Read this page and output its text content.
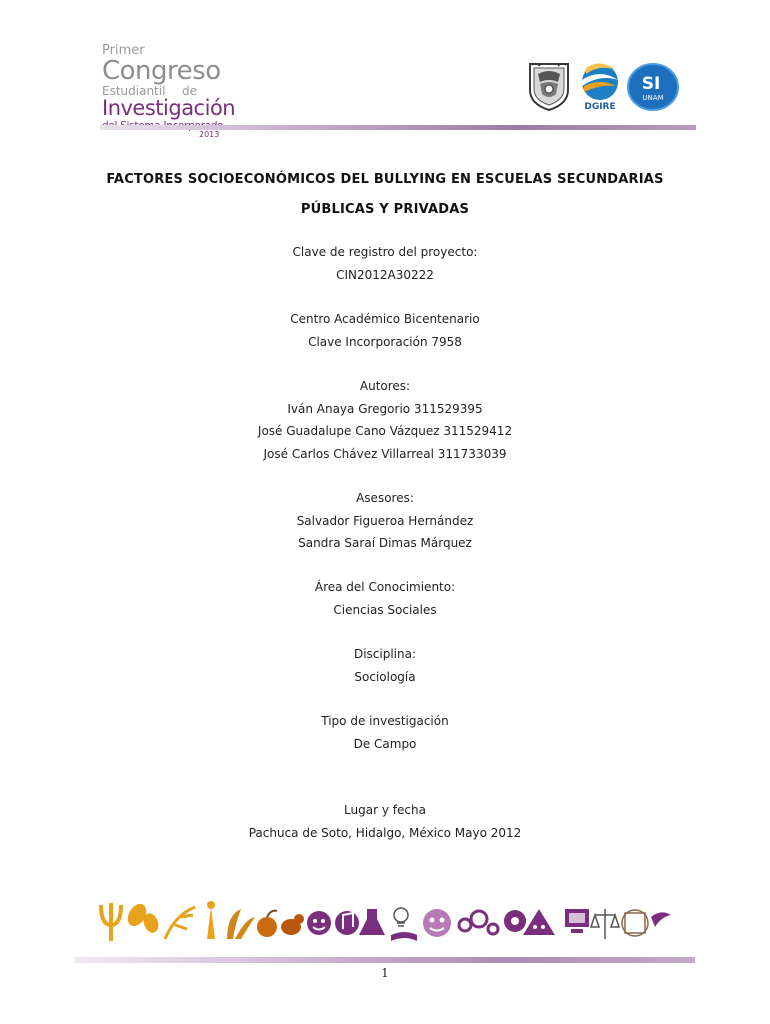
Primer
Congreso
Estudiantil de
Investigación
2013
DGIRE
SI
UNAM
FACTORES SOCIOECONÓMICOS DEL BULLYING EN ESCUELAS SECUNDARIAS
PÚBLICAS Y PRIVADAS
Clave de registro del proyecto:
CIN2012A30222
Centro Académico Bicentenario
Clave Incorporación 7958
Autores:
Iván Anaya Gregorio 311529395
José Guadalupe Cano Vázquez 311529412
José Carlos Chávez Villarreal 311733039
Asesores:
Salvador Figueroa Hernández
Sandra Saraí Dimas Márquez
Área del Conocimiento:
Ciencias Sociales
Disciplina:
Sociología
Tipo de investigación
De Campo
Lugar y fecha
Pachuca de Soto, Hidalgo, México Mayo 2012
1
